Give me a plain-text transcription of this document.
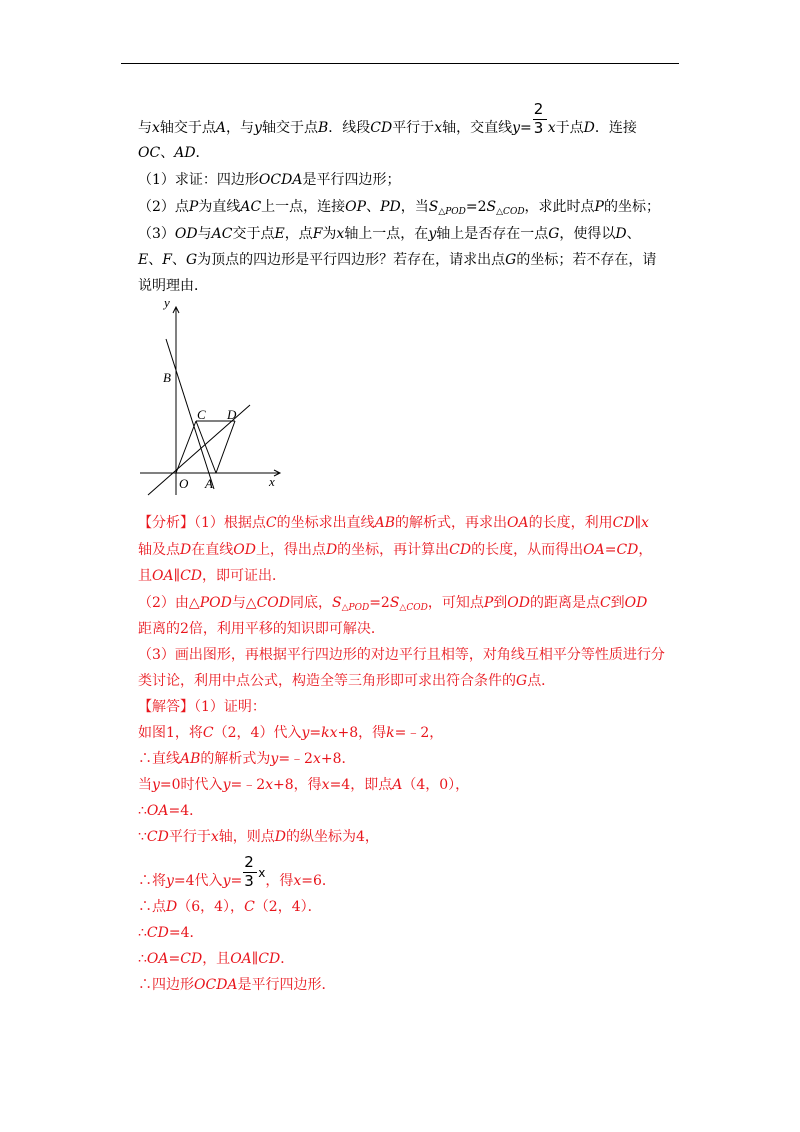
与x轴交于点A，与y轴交于点B．线段CD平行于x轴，交直线$y= \frac{2}{3}$ x于点D．连接
OC、AD．
（1）求证：四边形OCDA是平行四边形；
（2）点P为直线AC上一点，连接OP、PD，当$S_{\triangle POD}=2S_{\triangle COD}$，求此时点P的坐标；
（3）OD与AC交于点E，点F为x轴上一点，在y轴上是否存在一点G，使得以D、
E、F、G为顶点的四边形是平行四边形？若存在，请求出点G的坐标；若不存在，请
说明理由．
y
x
B
C D
O A
【分析】（1）根据点C的坐标求出直线AB的解析式，再求出OA的长度，利用CD∥x
轴及点D在直线OD上，得出点D的坐标，再计算出CD的长度，从而得出OA=CD，
且OA∥CD，即可证出．
（2）由△POD与△COD同底，$S_{\triangle POD}=2S_{\triangle COD}$，可知点P到OD的距离是点C到OD
距离的2倍，利用平移的知识即可解决．
（3）画出图形，再根据平行四边形的对边平行且相等，对角线互相平分等性质进行分
类讨论，利用中点公式，构造全等三角形即可求出符合条件的G点．
【解答】（1）证明：
如图1，将C（2，4）代入y=kx+8，得k=﹣2，
∴直线AB的解析式为y=﹣2x+8．
当y=0时代入y=﹣2x+8，得x=4，即点A（4，0），
∴OA=4．
∵CD平行于x轴，则点D的纵坐标为4，
∴将y=4代入$y= \frac{2}{3}$ x，得x=6．
∴点D（6，4），C（2，4）．
∴CD=4．
∴OA=CD，且OA∥CD．
∴四边形OCDA是平行四边形．
